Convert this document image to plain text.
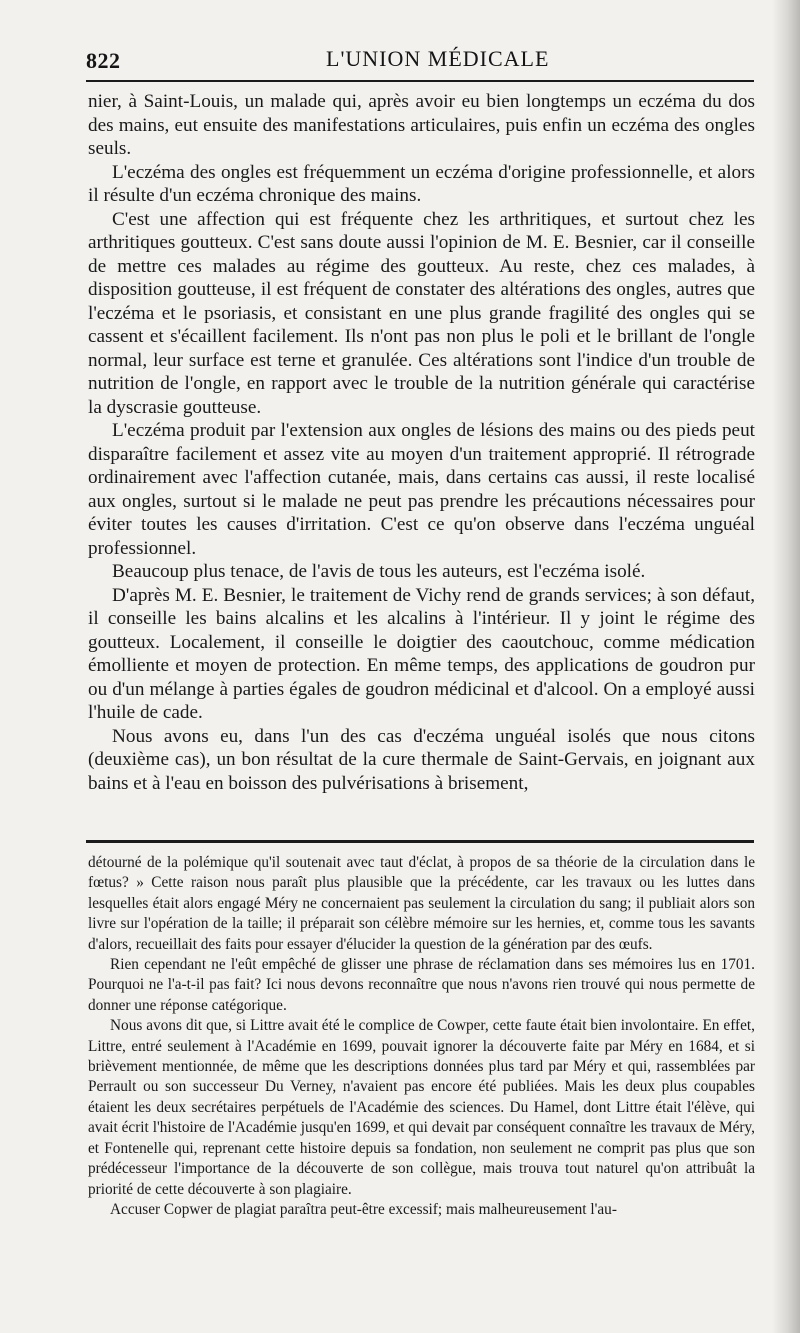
822	L'UNION MÉDICALE

nier, à Saint-Louis, un malade qui, après avoir eu bien longtemps un eczéma du dos des mains, eut ensuite des manifestations articulaires, puis enfin un eczéma des ongles seuls.

L'eczéma des ongles est fréquemment un eczéma d'origine professionnelle, et alors il résulte d'un eczéma chronique des mains.

C'est une affection qui est fréquente chez les arthritiques, et surtout chez les arthritiques goutteux. C'est sans doute aussi l'opinion de M. E. Besnier, car il conseille de mettre ces malades au régime des goutteux. Au reste, chez ces malades, à disposition goutteuse, il est fréquent de constater des altérations des ongles, autres que l'eczéma et le psoriasis, et consistant en une plus grande fragilité des ongles qui se cassent et s'écaillent facilement. Ils n'ont pas non plus le poli et le brillant de l'ongle normal, leur surface est terne et granulée. Ces altérations sont l'indice d'un trouble de nutrition de l'ongle, en rapport avec le trouble de la nutrition générale qui caractérise la dyscrasie goutteuse.

L'eczéma produit par l'extension aux ongles de lésions des mains ou des pieds peut disparaître facilement et assez vite au moyen d'un traitement approprié. Il rétrograde ordinairement avec l'affection cutanée, mais, dans certains cas aussi, il reste localisé aux ongles, surtout si le malade ne peut pas prendre les précautions nécessaires pour éviter toutes les causes d'irritation. C'est ce qu'on observe dans l'eczéma unguéal professionnel.

Beaucoup plus tenace, de l'avis de tous les auteurs, est l'eczéma isolé.

D'après M. E. Besnier, le traitement de Vichy rend de grands services; à son défaut, il conseille les bains alcalins et les alcalins à l'intérieur. Il y joint le régime des goutteux. Localement, il conseille le doigtier des caoutchouc, comme médication émolliente et moyen de protection. En même temps, des applications de goudron pur ou d'un mélange à parties égales de goudron médicinal et d'alcool. On a employé aussi l'huile de cade.

Nous avons eu, dans l'un des cas d'eczéma unguéal isolés que nous citons (deuxième cas), un bon résultat de la cure thermale de Saint-Gervais, en joignant aux bains et à l'eau en boisson des pulvérisations à brisement,

détourné de la polémique qu'il soutenait avec taut d'éclat, à propos de sa théorie de la circulation dans le fœtus? » Cette raison nous paraît plus plausible que la précédente, car les travaux ou les luttes dans lesquelles était alors engagé Méry ne concernaient pas seulement la circulation du sang; il publiait alors son livre sur l'opération de la taille; il préparait son célèbre mémoire sur les hernies, et, comme tous les savants d'alors, recueillait des faits pour essayer d'élucider la question de la génération par des œufs.

Rien cependant ne l'eût empêché de glisser une phrase de réclamation dans ses mémoires lus en 1701. Pourquoi ne l'a-t-il pas fait? Ici nous devons reconnaître que nous n'avons rien trouvé qui nous permette de donner une réponse catégorique.

Nous avons dit que, si Littre avait été le complice de Cowper, cette faute était bien involontaire. En effet, Littre, entré seulement à l'Académie en 1699, pouvait ignorer la découverte faite par Méry en 1684, et si brièvement mentionnée, de même que les descriptions données plus tard par Méry et qui, rassemblées par Perrault ou son successeur Du Verney, n'avaient pas encore été publiées. Mais les deux plus coupables étaient les deux secrétaires perpétuels de l'Académie des sciences. Du Hamel, dont Littre était l'élève, qui avait écrit l'histoire de l'Académie jusqu'en 1699, et qui devait par conséquent connaître les travaux de Méry, et Fontenelle qui, reprenant cette histoire depuis sa fondation, non seulement ne comprit pas plus que son prédécesseur l'importance de la découverte de son collègue, mais trouva tout naturel qu'on attribuât la priorité de cette découverte à son plagiaire.

Accuser Copwer de plagiat paraîtra peut-être excessif; mais malheureusement l'au-
